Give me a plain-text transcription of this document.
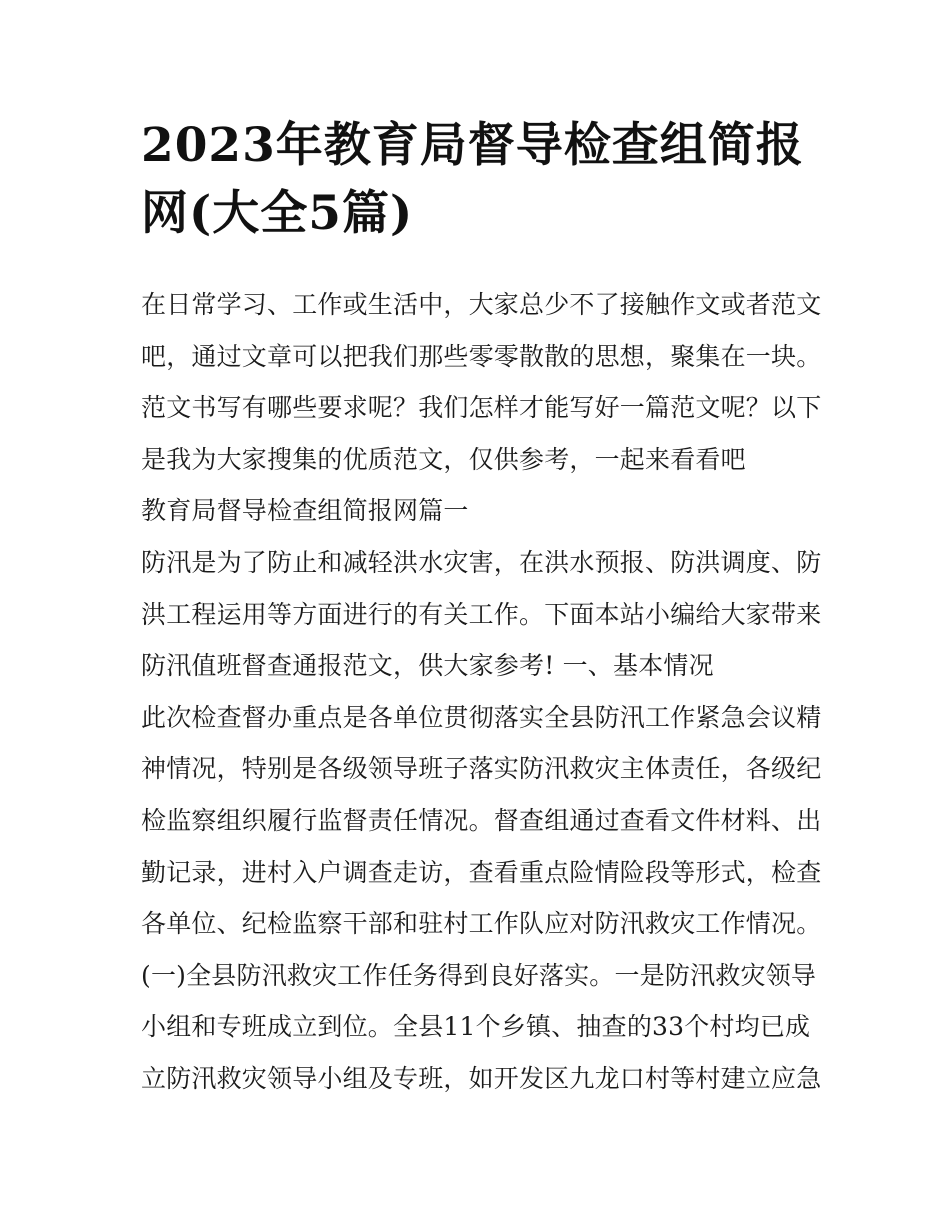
2023年教育局督导检查组简报
网(大全5篇)
在日常学习、工作或生活中，大家总少不了接触作文或者范文
吧，通过文章可以把我们那些零零散散的思想，聚集在一块。
范文书写有哪些要求呢？我们怎样才能写好一篇范文呢？以下
是我为大家搜集的优质范文，仅供参考，一起来看看吧
教育局督导检查组简报网篇一
防汛是为了防止和减轻洪水灾害，在洪水预报、防洪调度、防
洪工程运用等方面进行的有关工作。下面本站小编给大家带来
防汛值班督查通报范文，供大家参考! 一、基本情况
此次检查督办重点是各单位贯彻落实全县防汛工作紧急会议精
神情况，特别是各级领导班子落实防汛救灾主体责任，各级纪
检监察组织履行监督责任情况。督查组通过查看文件材料、出
勤记录，进村入户调查走访，查看重点险情险段等形式，检查
各单位、纪检监察干部和驻村工作队应对防汛救灾工作情况。
(一)全县防汛救灾工作任务得到良好落实。一是防汛救灾领导
小组和专班成立到位。全县11个乡镇、抽查的33个村均已成
立防汛救灾领导小组及专班，如开发区九龙口村等村建立应急
